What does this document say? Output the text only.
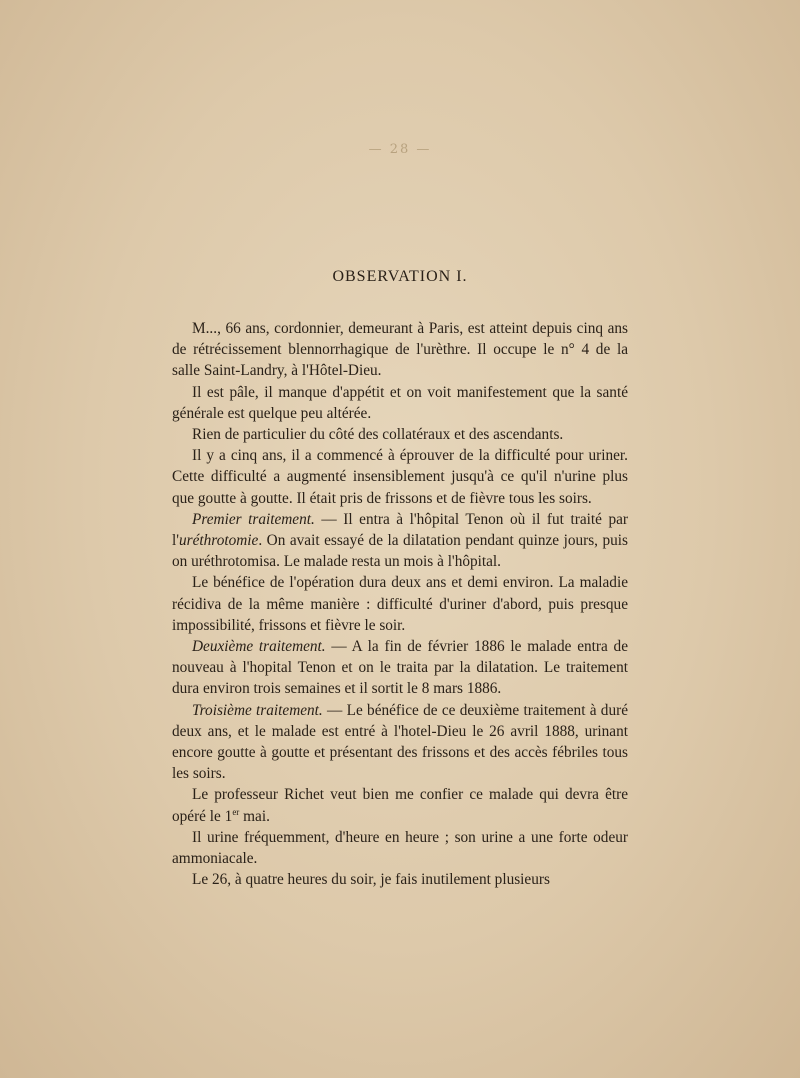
— 28 —
OBSERVATION I.

M..., 66 ans, cordonnier, demeurant à Paris, est atteint depuis cinq ans de rétrécissement blennorrhagique de l'urèthre. Il occupe le n° 4 de la salle Saint-Landry, à l'Hôtel-Dieu.

Il est pâle, il manque d'appétit et on voit manifestement que la santé générale est quelque peu altérée.

Rien de particulier du côté des collatéraux et des ascendants.

Il y a cinq ans, il a commencé à éprouver de la difficulté pour uriner. Cette difficulté a augmenté insensiblement jusqu'à ce qu'il n'urine plus que goutte à goutte. Il était pris de frissons et de fièvre tous les soirs.

Premier traitement. — Il entra à l'hôpital Tenon où il fut traité par l'uréthrotomie. On avait essayé de la dilatation pendant quinze jours, puis on uréthrotomisa. Le malade resta un mois à l'hôpital.

Le bénéfice de l'opération dura deux ans et demi environ. La maladie récidiva de la même manière : difficulté d'uriner d'abord, puis presque impossibilité, frissons et fièvre le soir.

Deuxième traitement. — A la fin de février 1886 le malade entra de nouveau à l'hopital Tenon et on le traita par la dilatation. Le traitement dura environ trois semaines et il sortit le 8 mars 1886.

Troisième traitement. — Le bénéfice de ce deuxième traitement à duré deux ans, et le malade est entré à l'hotel-Dieu le 26 avril 1888, urinant encore goutte à goutte et présentant des frissons et des accès fébriles tous les soirs.

Le professeur Richet veut bien me confier ce malade qui devra être opéré le 1er mai.

Il urine fréquemment, d'heure en heure ; son urine a une forte odeur ammoniacale.

Le 26, à quatre heures du soir, je fais inutilement plusieurs
